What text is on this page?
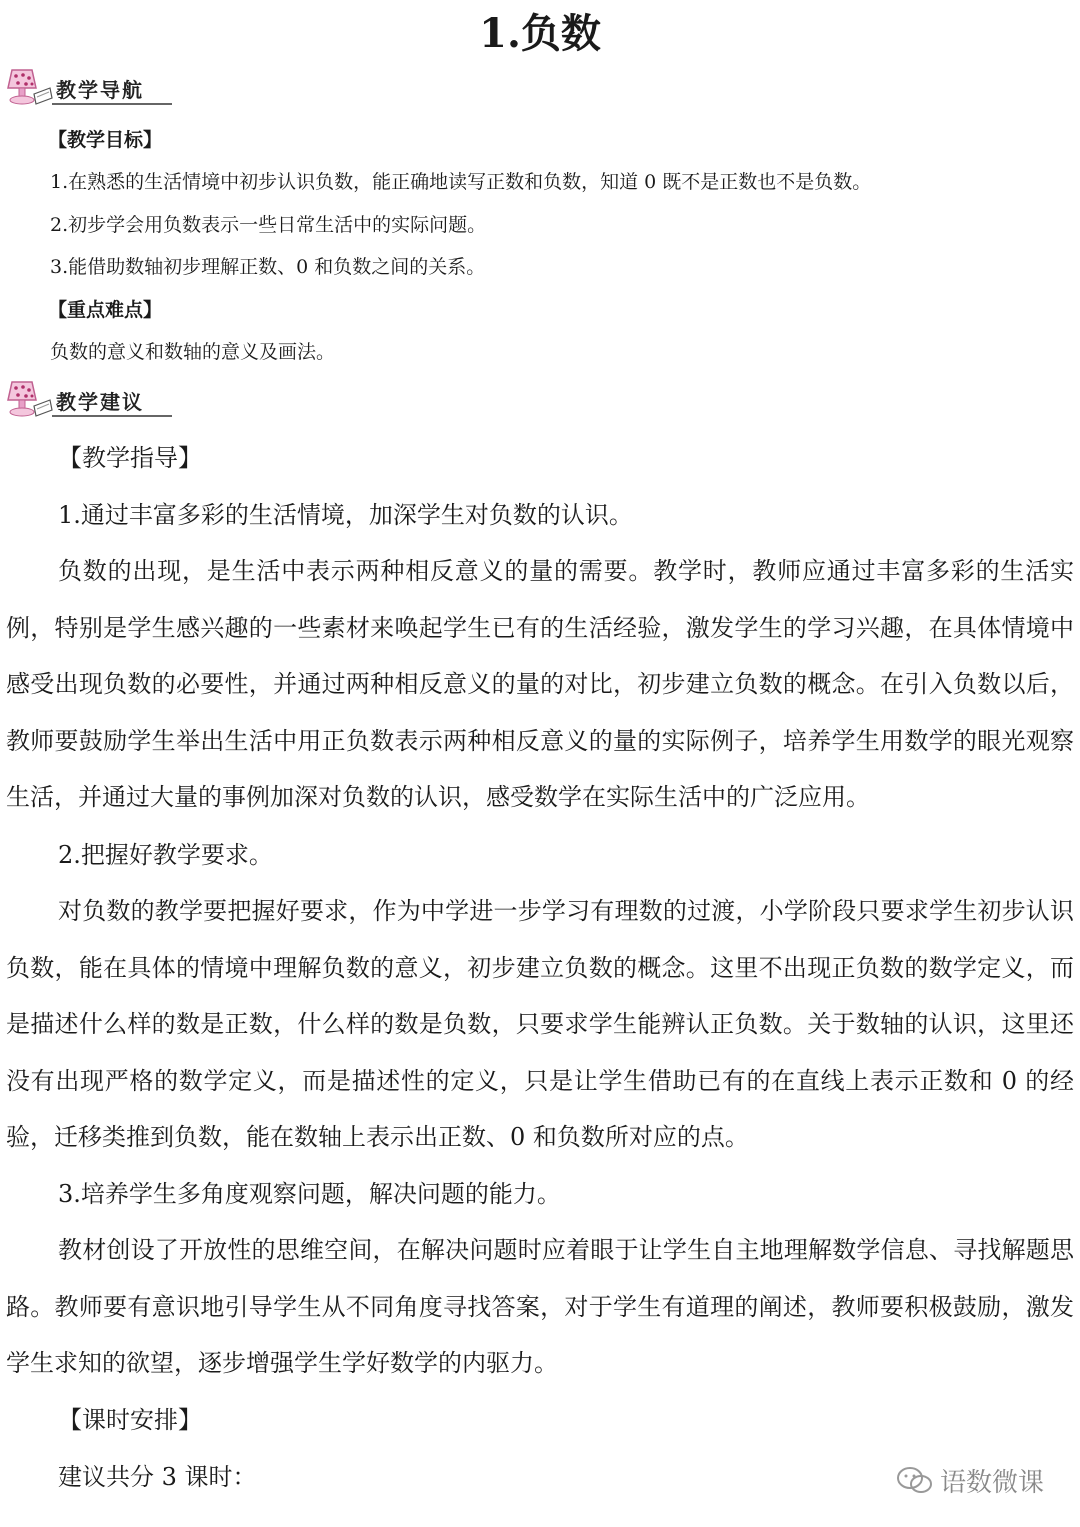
1.负数
教学导航
【教学目标】
1.在熟悉的生活情境中初步认识负数，能正确地读写正数和负数，知道 0 既不是正数也不是负数。
2.初步学会用负数表示一些日常生活中的实际问题。
3.能借助数轴初步理解正数、0 和负数之间的关系。
【重点难点】
负数的意义和数轴的意义及画法。
教学建议
【教学指导】
1.通过丰富多彩的生活情境，加深学生对负数的认识。
负数的出现，是生活中表示两种相反意义的量的需要。教学时，教师应通过丰富多彩的生活实例，特别是学生感兴趣的一些素材来唤起学生已有的生活经验，激发学生的学习兴趣，在具体情境中感受出现负数的必要性，并通过两种相反意义的量的对比，初步建立负数的概念。在引入负数以后，教师要鼓励学生举出生活中用正负数表示两种相反意义的量的实际例子，培养学生用数学的眼光观察生活，并通过大量的事例加深对负数的认识，感受数学在实际生活中的广泛应用。
2.把握好教学要求。
对负数的教学要把握好要求，作为中学进一步学习有理数的过渡，小学阶段只要求学生初步认识负数，能在具体的情境中理解负数的意义，初步建立负数的概念。这里不出现正负数的数学定义，而是描述什么样的数是正数，什么样的数是负数，只要求学生能辨认正负数。关于数轴的认识，这里还没有出现严格的数学定义，而是描述性的定义，只是让学生借助已有的在直线上表示正数和 0 的经验，迁移类推到负数，能在数轴上表示出正数、0 和负数所对应的点。
3.培养学生多角度观察问题，解决问题的能力。
教材创设了开放性的思维空间，在解决问题时应着眼于让学生自主地理解数学信息、寻找解题思路。教师要有意识地引导学生从不同角度寻找答案，对于学生有道理的阐述，教师要积极鼓励，激发学生求知的欲望，逐步增强学生学好数学的内驱力。
【课时安排】
建议共分 3 课时：	语数微课
